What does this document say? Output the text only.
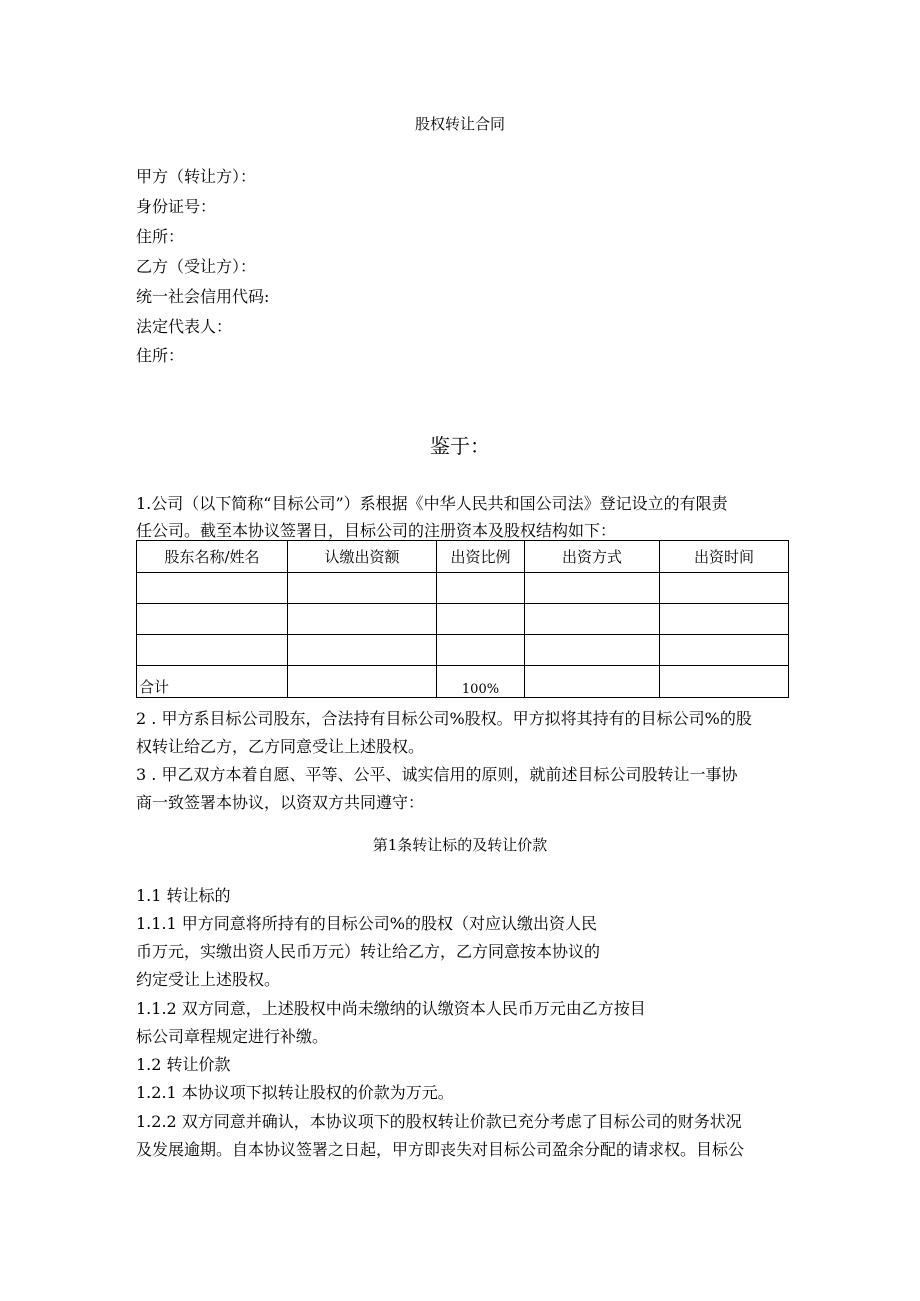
股权转让合同
甲方（转让方）：
身份证号：
住所：
乙方（受让方）：
统一社会信用代码:
法定代表人：
住所：
鉴于：
1.公司（以下简称“目标公司”）系根据《中华人民共和国公司法》登记设立的有限责
任公司。截至本协议签署日，目标公司的注册资本及股权结构如下：
股东名称/姓名	认缴出资额	出资比例	出资方式	出资时间

合计		100%		
2 . 甲方系目标公司股东，合法持有目标公司%股权。甲方拟将其持有的目标公司%的股
权转让给乙方，乙方同意受让上述股权。
3 . 甲乙双方本着自愿、平等、公平、诚实信用的原则，就前述目标公司股转让一事协
商一致签署本协议，以资双方共同遵守：
第1条转让标的及转让价款
1.1 转让标的
1.1.1 甲方同意将所持有的目标公司%的股权（对应认缴出资人民
币万元，实缴出资人民币万元）转让给乙方，乙方同意按本协议的
约定受让上述股权。
1.1.2 双方同意，上述股权中尚未缴纳的认缴资本人民币万元由乙方按目
标公司章程规定进行补缴。
1.2 转让价款
1.2.1 本协议项下拟转让股权的价款为万元。
1.2.2 双方同意并确认，本协议项下的股权转让价款已充分考虑了目标公司的财务状况
及发展逾期。自本协议签署之日起，甲方即丧失对目标公司盈余分配的请求权。目标公
